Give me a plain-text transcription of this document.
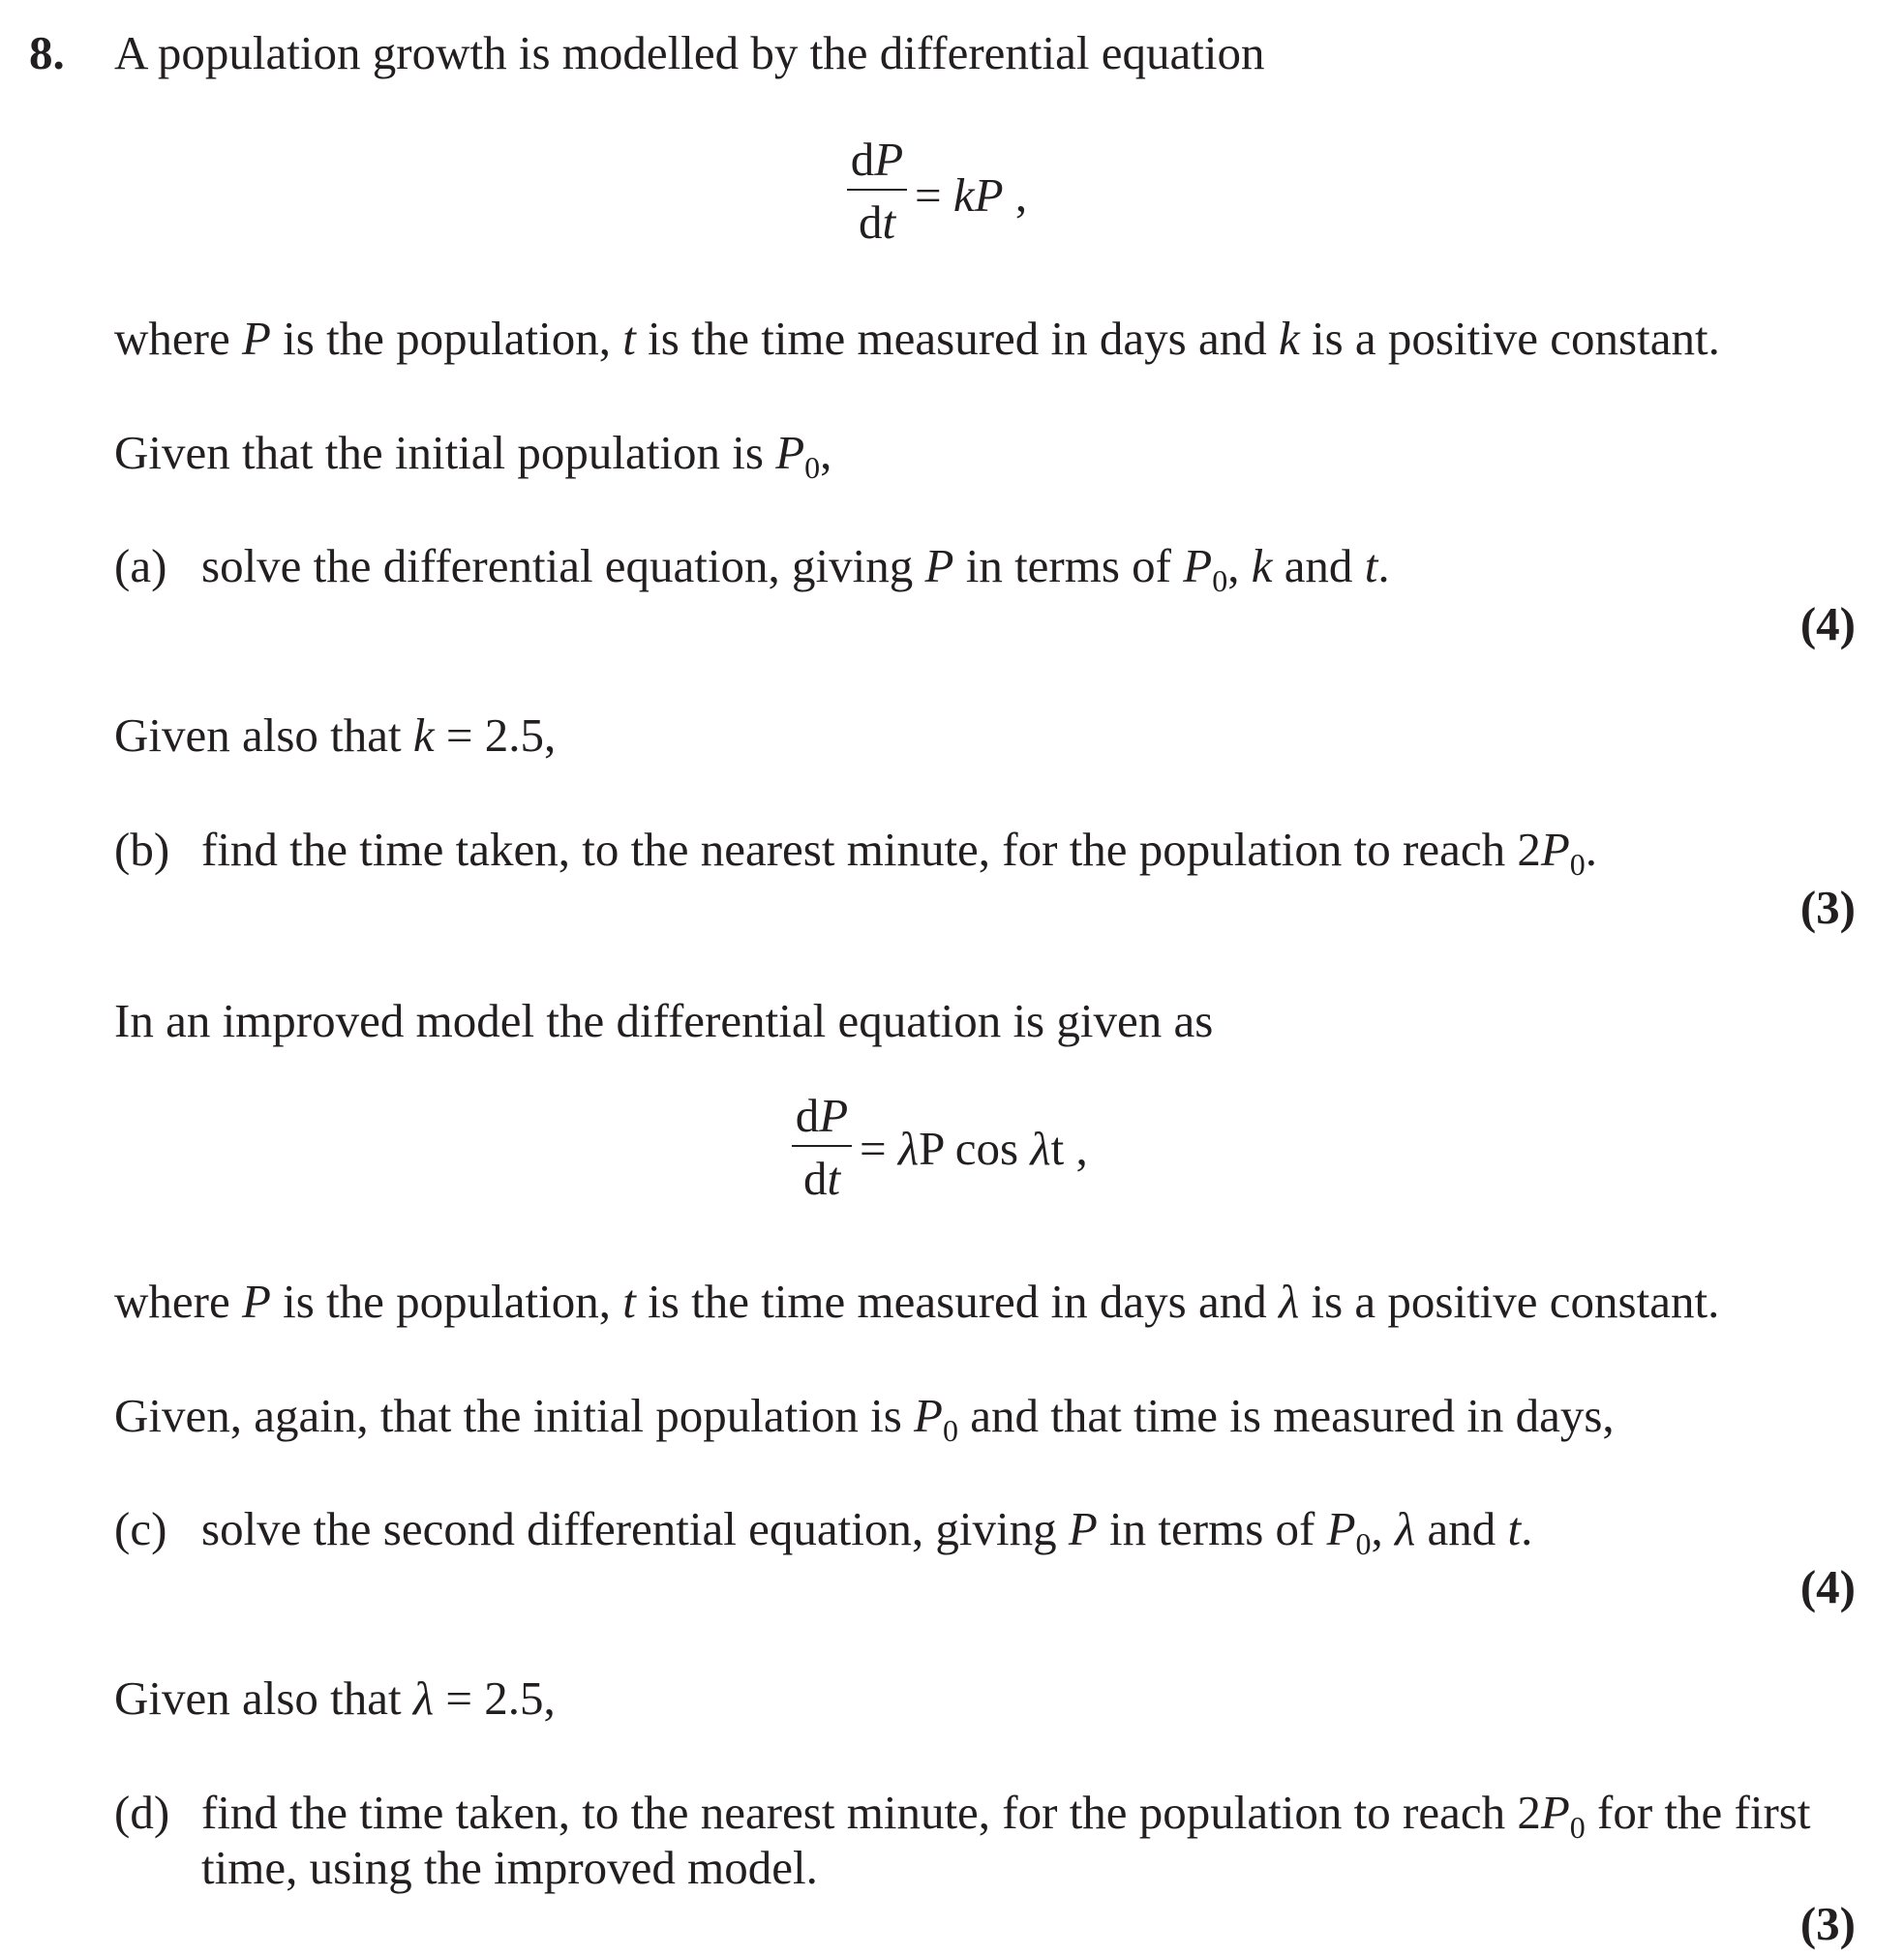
8. A population growth is modelled by the differential equation
dP
dt
= kP ,
where P is the population, t is the time measured in days and k is a positive constant.
Given that the initial population is $P_0$,
(a) solve the differential equation, giving P in terms of $P_0$, k and t.
(4)
Given also that k = 2.5,
(b) find the time taken, to the nearest minute, for the population to reach $2P_0$.
(3)
In an improved model the differential equation is given as
dP
dt
= λP cos λt ,
where P is the population, t is the time measured in days and λ is a positive constant.
Given, again, that the initial population is $P_0$ and that time is measured in days,
(c) solve the second differential equation, giving P in terms of $P_0$, λ and t.
(4)
Given also that λ = 2.5,
(d) find the time taken, to the nearest minute, for the population to reach $2P_0$ for the first
time, using the improved model.
(3)
